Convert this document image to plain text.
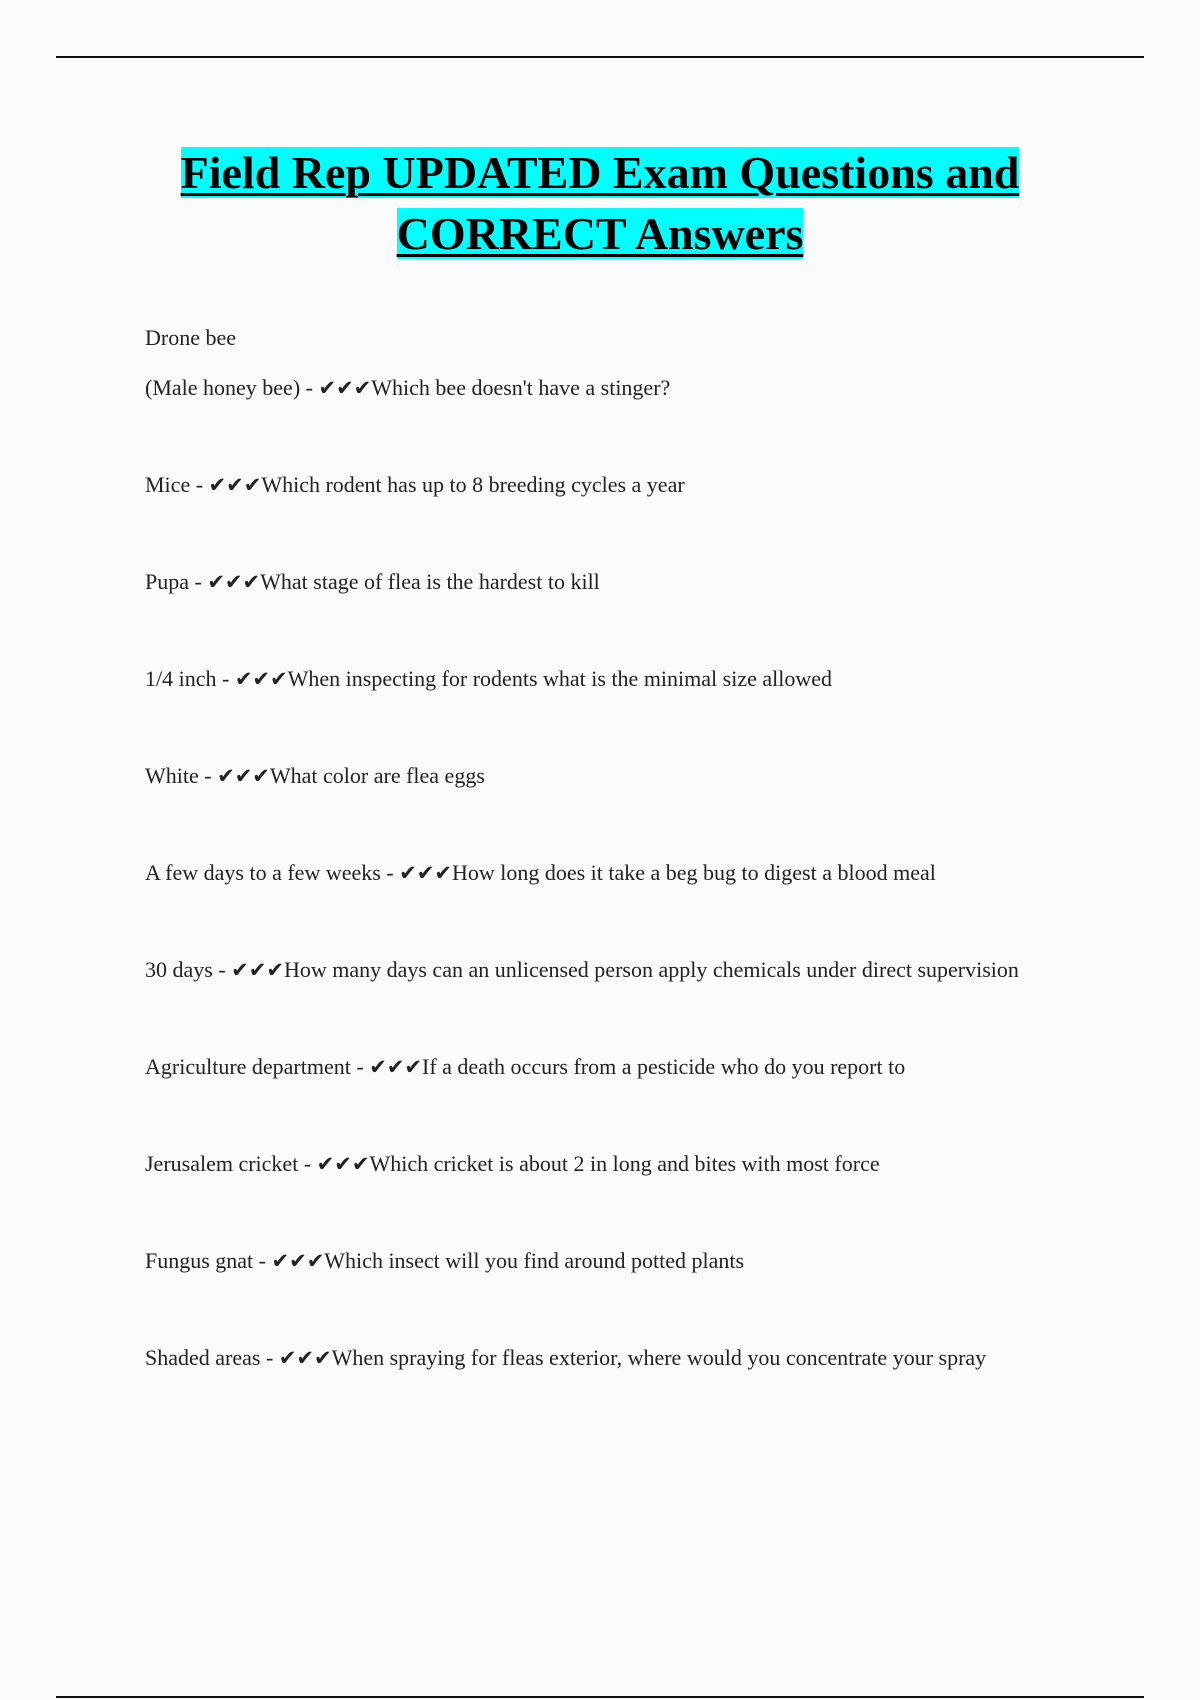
Field Rep UPDATED Exam Questions and
CORRECT Answers

Drone bee

(Male honey bee) - ✔✔✔Which bee doesn't have a stinger?

Mice - ✔✔✔Which rodent has up to 8 breeding cycles a year

Pupa - ✔✔✔What stage of flea is the hardest to kill

1/4 inch - ✔✔✔When inspecting for rodents what is the minimal size allowed

White - ✔✔✔What color are flea eggs

A few days to a few weeks - ✔✔✔How long does it take a beg bug to digest a blood meal

30 days - ✔✔✔How many days can an unlicensed person apply chemicals under direct supervision

Agriculture department - ✔✔✔If a death occurs from a pesticide who do you report to

Jerusalem cricket - ✔✔✔Which cricket is about 2 in long and bites with most force

Fungus gnat - ✔✔✔Which insect will you find around potted plants

Shaded areas - ✔✔✔When spraying for fleas exterior, where would you concentrate your spray
